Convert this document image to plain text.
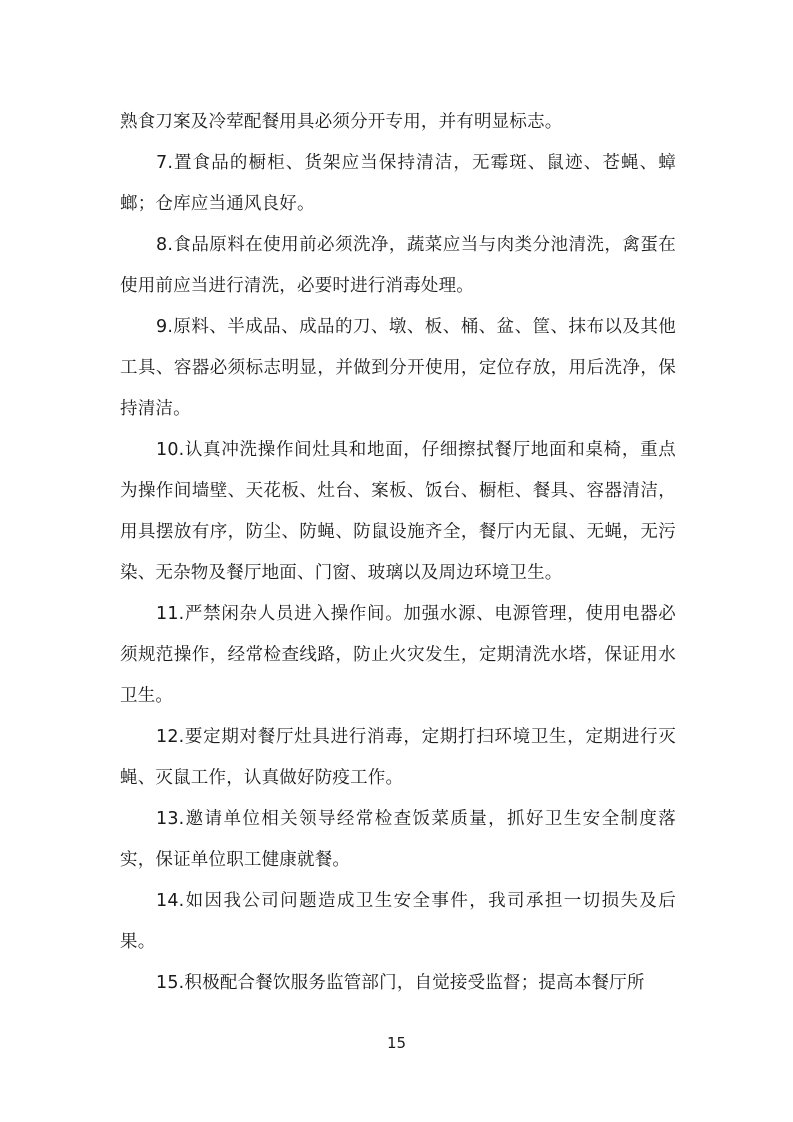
熟食刀案及冷荤配餐用具必须分开专用，并有明显标志。

7.置食品的橱柜、货架应当保持清洁，无霉斑、鼠迹、苍蝇、蟑螂；仓库应当通风良好。

8.食品原料在使用前必须洗净，蔬菜应当与肉类分池清洗，禽蛋在使用前应当进行清洗，必要时进行消毒处理。

9.原料、半成品、成品的刀、墩、板、桶、盆、筐、抹布以及其他工具、容器必须标志明显，并做到分开使用，定位存放，用后洗净，保持清洁。

10.认真冲洗操作间灶具和地面，仔细擦拭餐厅地面和桌椅，重点为操作间墙壁、天花板、灶台、案板、饭台、橱柜、餐具、容器清洁，用具摆放有序，防尘、防蝇、防鼠设施齐全，餐厅内无鼠、无蝇，无污染、无杂物及餐厅地面、门窗、玻璃以及周边环境卫生。

11.严禁闲杂人员进入操作间。加强水源、电源管理，使用电器必须规范操作，经常检查线路，防止火灾发生，定期清洗水塔，保证用水卫生。

12.要定期对餐厅灶具进行消毒，定期打扫环境卫生，定期进行灭蝇、灭鼠工作，认真做好防疫工作。

13.邀请单位相关领导经常检查饭菜质量，抓好卫生安全制度落实，保证单位职工健康就餐。

14.如因我公司问题造成卫生安全事件，我司承担一切损失及后果。

15.积极配合餐饮服务监管部门，自觉接受监督；提高本餐厅所

15
